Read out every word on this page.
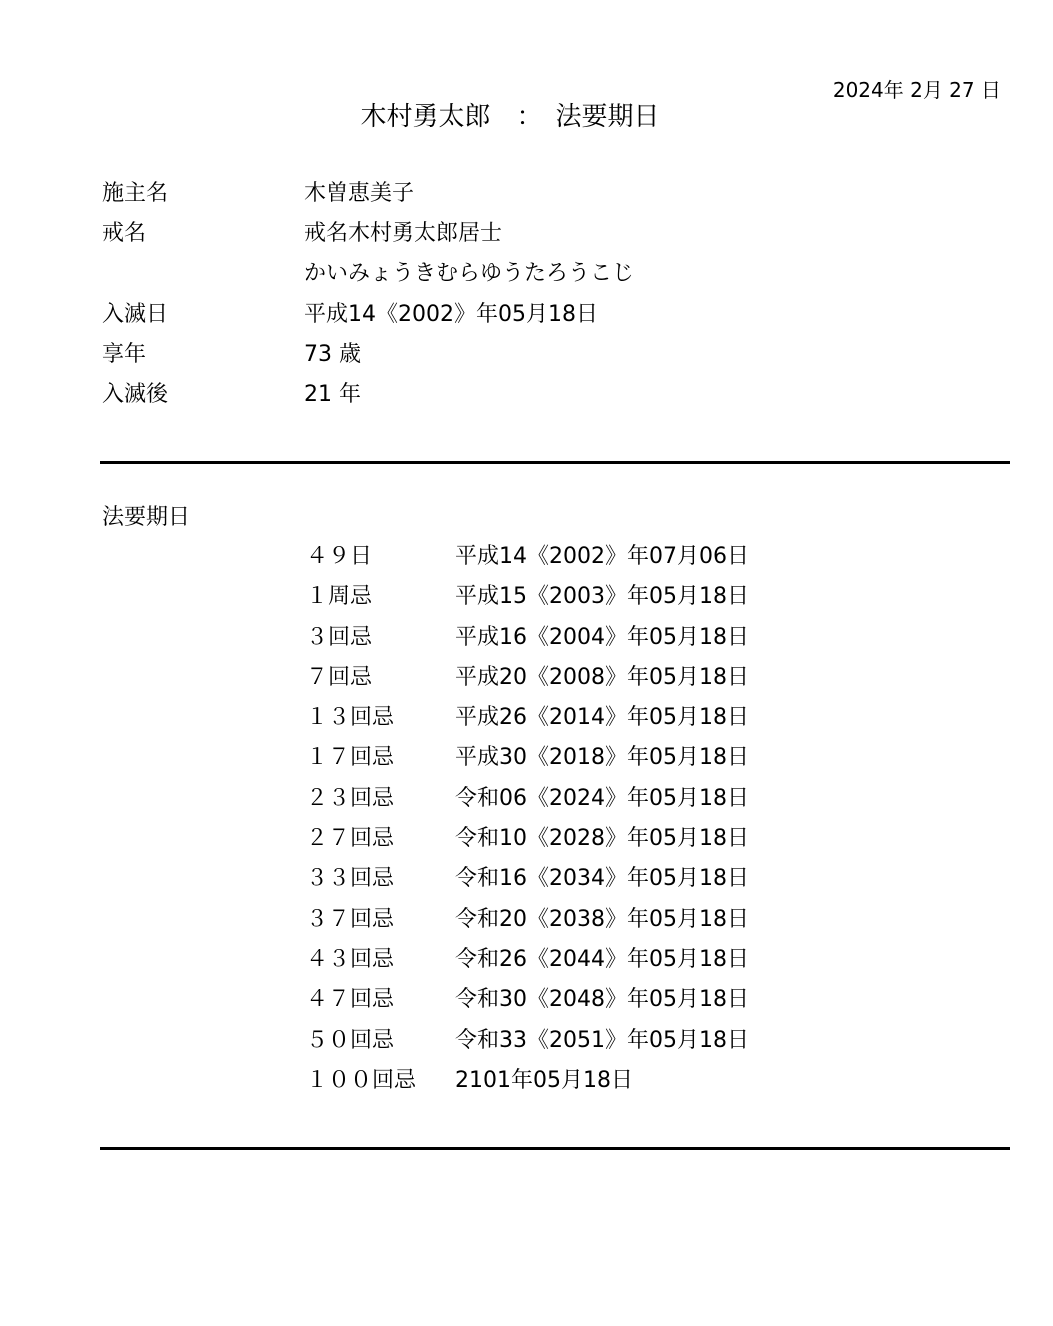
2024年 2月 27 日
木村勇太郎　：　法要期日
施主名	木曽恵美子
戒名	戒名木村勇太郎居士
かいみょうきむらゆうたろうこじ
入滅日	平成14《2002》年05月18日
享年	73 歳
入滅後	21 年
法要期日
４９日	平成14《2002》年07月06日
１周忌	平成15《2003》年05月18日
３回忌	平成16《2004》年05月18日
７回忌	平成20《2008》年05月18日
１３回忌	平成26《2014》年05月18日
１７回忌	平成30《2018》年05月18日
２３回忌	令和06《2024》年05月18日
２７回忌	令和10《2028》年05月18日
３３回忌	令和16《2034》年05月18日
３７回忌	令和20《2038》年05月18日
４３回忌	令和26《2044》年05月18日
４７回忌	令和30《2048》年05月18日
５０回忌	令和33《2051》年05月18日
１００回忌 2101年05月18日
